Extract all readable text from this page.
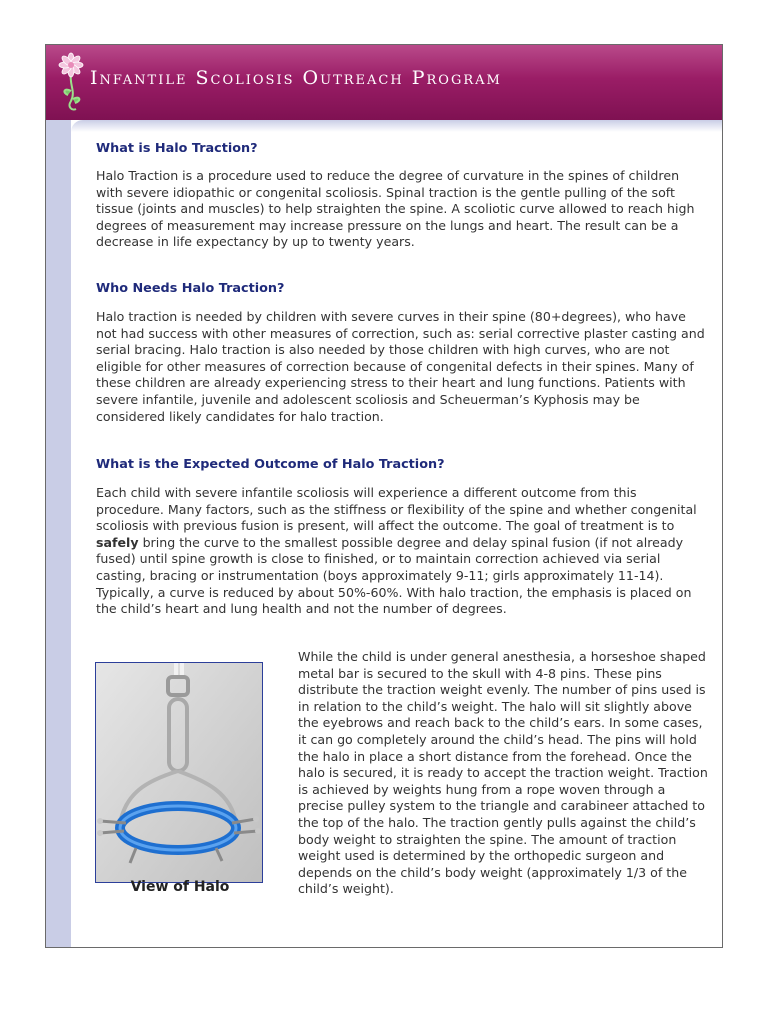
Infantile Scoliosis Outreach Program
What is Halo Traction?

Halo Traction is a procedure used to reduce the degree of curvature in the spines of children with severe idiopathic or congenital scoliosis. Spinal traction is the gentle pulling of the soft tissue (joints and muscles) to help straighten the spine. A scoliotic curve allowed to reach high degrees of measurement may increase pressure on the lungs and heart. The result can be a decrease in life expectancy by up to twenty years.

Who Needs Halo Traction?

Halo traction is needed by children with severe curves in their spine (80+degrees), who have not had success with other measures of correction, such as: serial corrective plaster casting and serial bracing. Halo traction is also needed by those children with high curves, who are not eligible for other measures of correction because of congenital defects in their spines. Many of these children are already experiencing stress to their heart and lung functions. Patients with severe infantile, juvenile and adolescent scoliosis and Scheuerman’s Kyphosis may be considered likely candidates for halo traction.

What is the Expected Outcome of Halo Traction?

Each child with severe infantile scoliosis will experience a different outcome from this procedure. Many factors, such as the stiffness or flexibility of the spine and whether congenital scoliosis with previous fusion is present, will affect the outcome. The goal of treatment is to safely bring the curve to the smallest possible degree and delay spinal fusion (if not already fused) until spine growth is close to finished, or to maintain correction achieved via serial casting, bracing or instrumentation (boys approximately 9-11; girls approximately 11-14). Typically, a curve is reduced by about 50%-60%. With halo traction, the emphasis is placed on the child’s heart and lung health and not the number of degrees.

View of Halo

While the child is under general anesthesia, a horseshoe shaped metal bar is secured to the skull with 4-8 pins. These pins distribute the traction weight evenly. The number of pins used is in relation to the child’s weight. The halo will sit slightly above the eyebrows and reach back to the child’s ears. In some cases, it can go completely around the child’s head. The pins will hold the halo in place a short distance from the forehead. Once the halo is secured, it is ready to accept the traction weight. Traction is achieved by weights hung from a rope woven through a precise pulley system to the triangle and carabineer attached to the top of the halo. The traction gently pulls against the child’s body weight to straighten the spine. The amount of traction weight used is determined by the orthopedic surgeon and depends on the child’s body weight (approximately 1/3 of the child’s weight).
